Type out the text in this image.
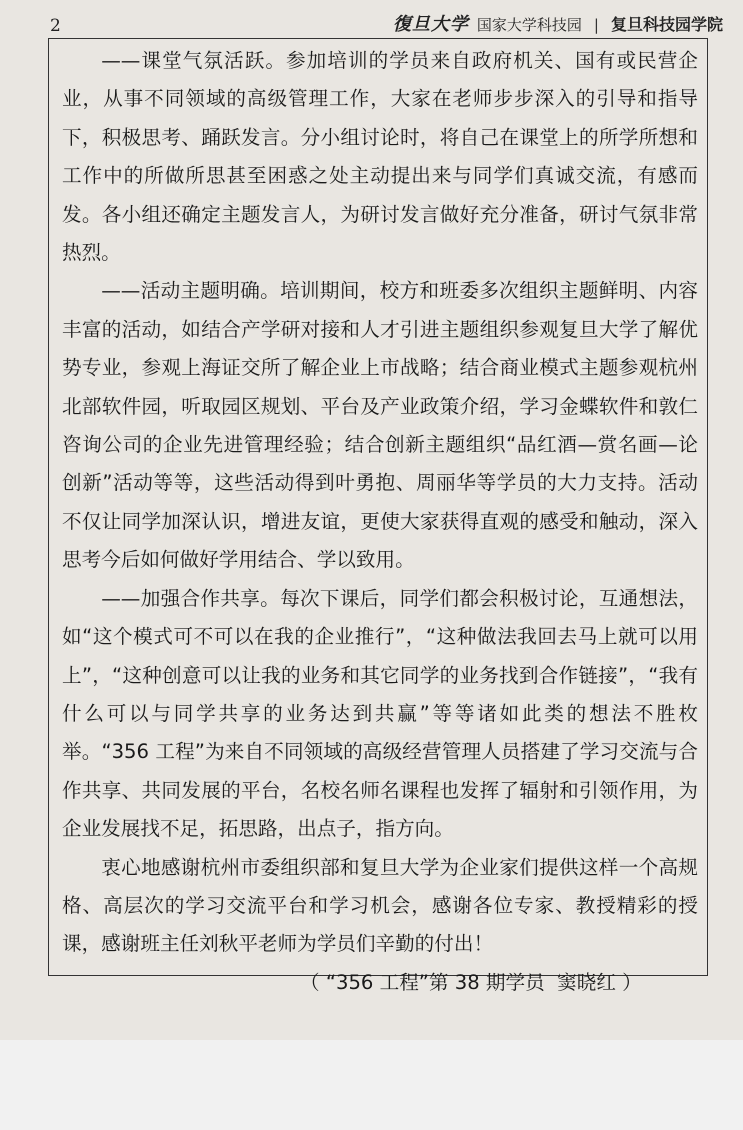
2	復旦大学 国家大学科技园 | 复旦科技园学院

——课堂气氛活跃。参加培训的学员来自政府机关、国有或民营企业，从事不同领域的高级管理工作，大家在老师步步深入的引导和指导下，积极思考、踊跃发言。分小组讨论时，将自己在课堂上的所学所想和工作中的所做所思甚至困惑之处主动提出来与同学们真诚交流，有感而发。各小组还确定主题发言人，为研讨发言做好充分准备，研讨气氛非常热烈。

——活动主题明确。培训期间，校方和班委多次组织主题鲜明、内容丰富的活动，如结合产学研对接和人才引进主题组织参观复旦大学了解优势专业，参观上海证交所了解企业上市战略；结合商业模式主题参观杭州北部软件园，听取园区规划、平台及产业政策介绍，学习金蝶软件和敦仁咨询公司的企业先进管理经验；结合创新主题组织“品红酒—赏名画—论创新”活动等等，这些活动得到叶勇抱、周丽华等学员的大力支持。活动不仅让同学加深认识，增进友谊，更使大家获得直观的感受和触动，深入思考今后如何做好学用结合、学以致用。

——加强合作共享。每次下课后，同学们都会积极讨论，互通想法，如“这个模式可不可以在我的企业推行”，“这种做法我回去马上就可以用上”，“这种创意可以让我的业务和其它同学的业务找到合作链接”，“我有什么可以与同学共享的业务达到共赢”等等诸如此类的想法不胜枚举。“356 工程”为来自不同领域的高级经营管理人员搭建了学习交流与合作共享、共同发展的平台，名校名师名课程也发挥了辐射和引领作用，为企业发展找不足，拓思路，出点子，指方向。

衷心地感谢杭州市委组织部和复旦大学为企业家们提供这样一个高规格、高层次的学习交流平台和学习机会，感谢各位专家、教授精彩的授课，感谢班主任刘秋平老师为学员们辛勤的付出！

（ “356 工程”第 38 期学员  窦晓红 ）
